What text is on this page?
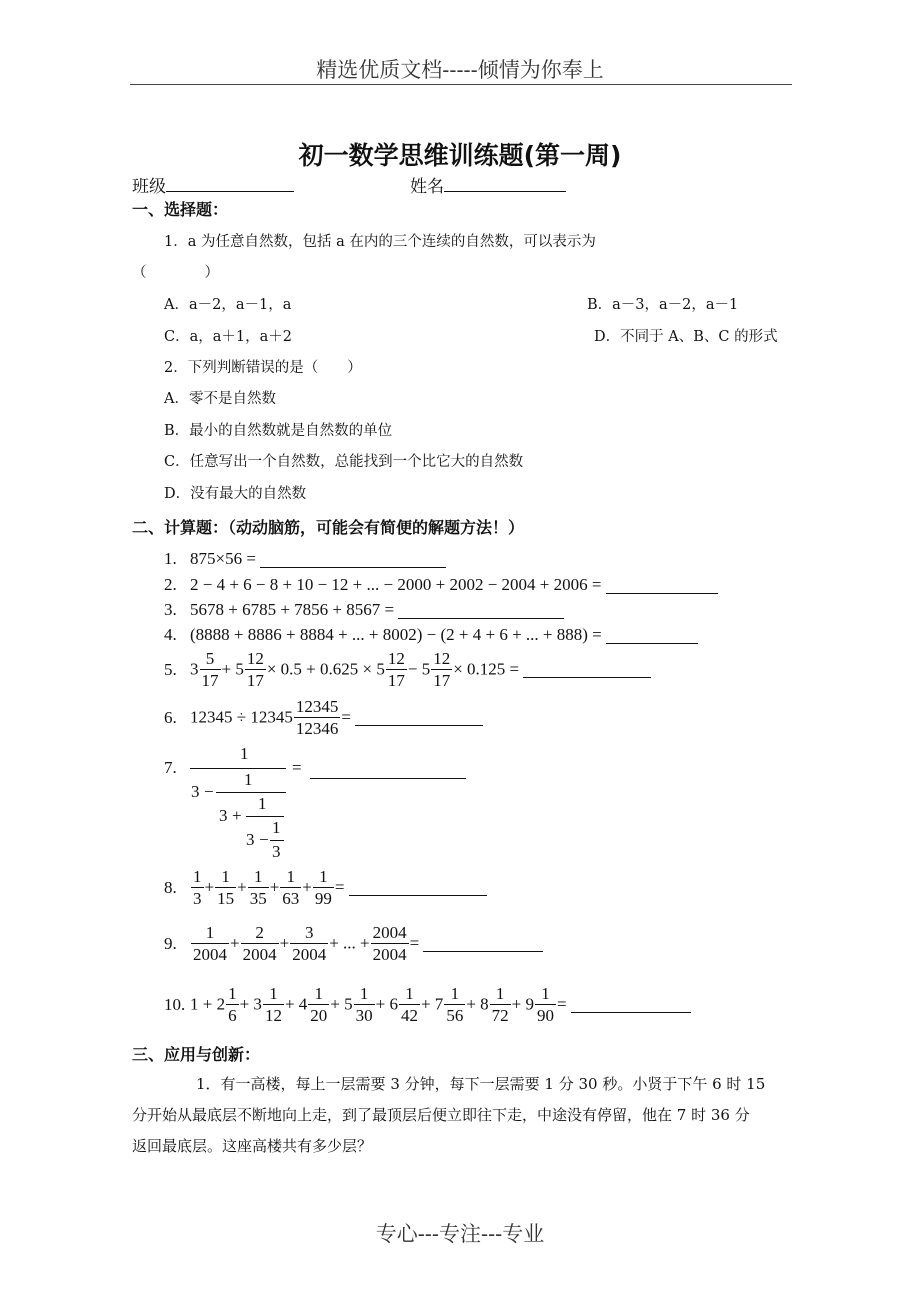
精选优质文档-----倾情为你奉上
初一数学思维训练题(第一周)
班级	姓名
一、选择题：
1．a 为任意自然数，包括 a 在内的三个连续的自然数，可以表示为
（　　　　）
A．a－2，a－1，a	B．a－3，a－2，a－1
C．a，a＋1，a＋2	D．不同于 A、B、C 的形式
2．下列判断错误的是（　　）
A．零不是自然数
B．最小的自然数就是自然数的单位
C．任意写出一个自然数，总能找到一个比它大的自然数
D．没有最大的自然数
二、计算题：（动动脑筋，可能会有简便的解题方法！）
1. 875×56 =
2. 2 − 4 + 6 − 8 + 10 − 12 + ... − 2000 + 2002 − 2004 + 2006 =
3. 5678 + 6785 + 7856 + 8567 =
4. (8888 + 8886 + 8884 + ... + 8002) − (2 + 4 + 6 + ... + 888) =
5. $3 \frac{5}{17} + 5 \frac{12}{17} \times 0.5 + 0.625 \times 5 \frac{12}{17} - 5 \frac{12}{17} \times 0.125$ =
6. $12345 \div 12345 \frac{12345}{12346}$ =
7.
1
=
1
3 −
1
3 +
1
3 −
3
8. $\frac{1}{3} + \frac{1}{15} + \frac{1}{35} + \frac{1}{63} + \frac{1}{99}$ =
9. $\frac{1}{2004} + \frac{2}{2004} + \frac{3}{2004}$ + ... + $\frac{2004}{2004}$ =
10. $1 + 2 \frac{1}{6} + 3 \frac{1}{12} + 4 \frac{1}{20} + 5 \frac{1}{30} + 6 \frac{1}{42} + 7 \frac{1}{56} + 8 \frac{1}{72} + 9 \frac{1}{90}$ =
三、应用与创新：
1．有一高楼，每上一层需要 3 分钟，每下一层需要 1 分 30 秒。小贤于下午 6 时 15
分开始从最底层不断地向上走，到了最顶层后便立即往下走，中途没有停留，他在 7 时 36 分
返回最底层。这座高楼共有多少层？
专心---专注---专业
